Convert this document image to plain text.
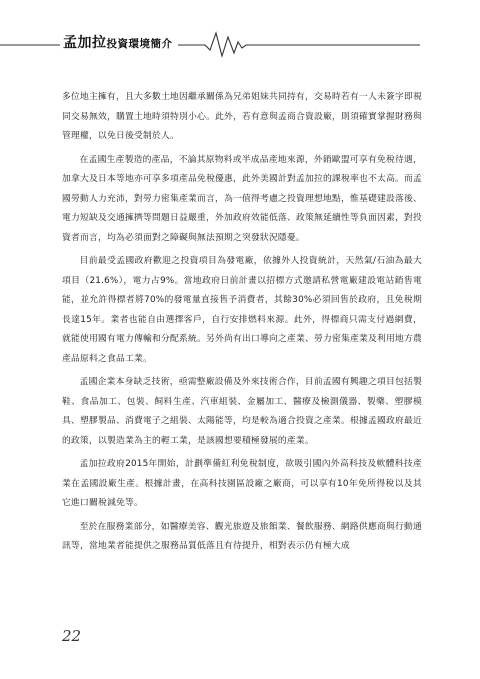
孟加拉投資環境簡介

多位地主擁有，且大多數土地因繼承關係為兄弟姐妹共同持有，交易時若有一人未簽字即視同交易無效，購置土地時須特別小心。此外，若有意與孟商合資設廠，則須確實掌握財務與管理權，以免日後受制於人。

在孟國生產製造的產品，不論其原物料或半成品產地來源，外銷歐盟可享有免稅待遇，加拿大及日本等地亦可享多項產品免稅優惠，此外美國計對孟加拉的課稅率也不太高。而孟國勞動人力充沛，對勞力密集產業而言，為一值得考慮之投資理想地點，惟基礎建設落後、電力短缺及交通擁擠等問題日益嚴重，外加政府效能低落、政策無延續性等負面因素，對投資者而言，均為必須面對之障礙與無法預期之突發狀況隱憂。

目前最受孟國政府歡迎之投資項目為發電廠，依據外人投資統計，天然氣/石油為最大項目（21.6%），電力占9%。當地政府日前計畫以招標方式邀請私營電廠建設電站銷售電能，並允許得標者將70%的發電量直接售予消費者，其餘30%必須回售於政府，且免稅期長達15年。業者也能自由選擇客戶，自行安排燃料來源。此外，得標商只需支付過網費，就能使用國有電力傳輸和分配系統。另外尚有出口導向之產業、勞力密集產業及利用地方農產品原料之食品工業。

孟國企業本身缺乏技術，亟需整廠設備及外來技術合作，目前孟國有興趣之項目包括製鞋、食品加工、包裝、飼料生產、汽車組裝、金屬加工、醫療及檢測儀器、製藥、塑膠模具、塑膠製品、消費電子之組裝、太陽能等，均是較為適合投資之產業。根據孟國政府最近的政策，以製造業為主的輕工業，是該國想要積極發展的產業。

孟加拉政府2015年開始，計劃準備紅利免稅制度，欲吸引國內外高科技及軟體科技產業在孟國設廠生產。根據計畫，在高科技園區設廠之廠商，可以享有10年免所得稅以及其它進口關稅減免等。

至於在服務業部分，如醫療美容、觀光旅遊及旅館業、餐飲服務、網路供應商與行動通訊等，當地業者能提供之服務品質低落且有待提升，相對表示仍有極大成

22
